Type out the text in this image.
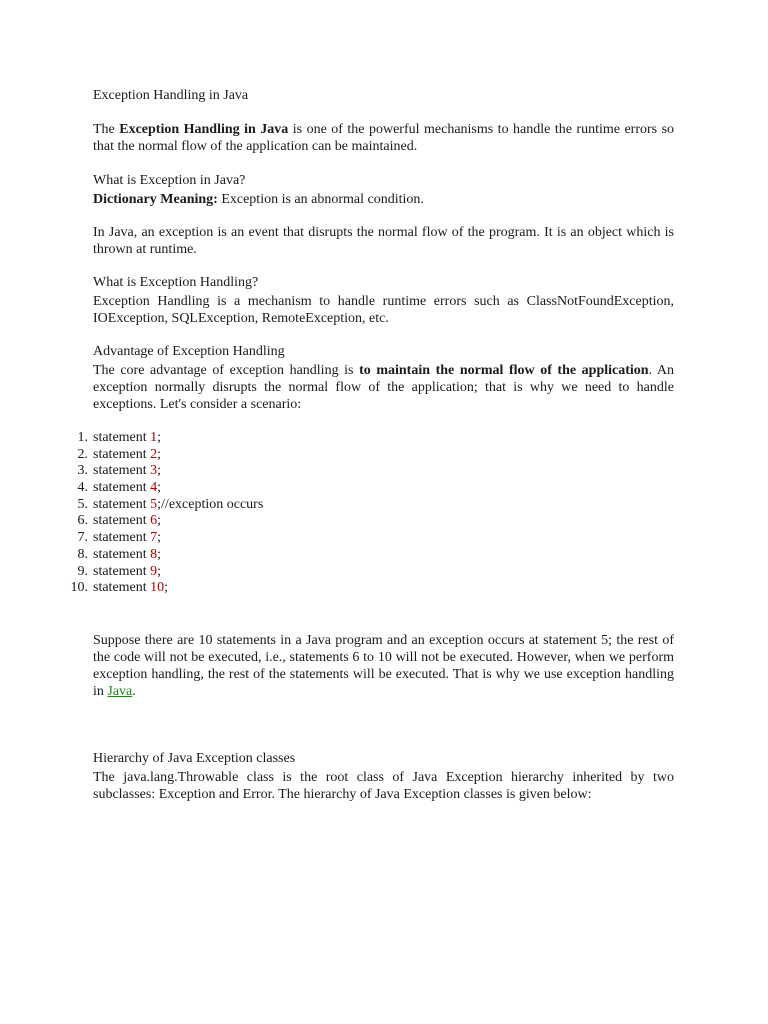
Exception Handling in Java

The Exception Handling in Java is one of the powerful mechanisms to handle the runtime errors so that the normal flow of the application can be maintained.

What is Exception in Java?

Dictionary Meaning: Exception is an abnormal condition.

In Java, an exception is an event that disrupts the normal flow of the program. It is an object which is thrown at runtime.

What is Exception Handling?

Exception Handling is a mechanism to handle runtime errors such as ClassNotFoundException, IOException, SQLException, RemoteException, etc.

Advantage of Exception Handling

The core advantage of exception handling is to maintain the normal flow of the application. An exception normally disrupts the normal flow of the application; that is why we need to handle exceptions. Let's consider a scenario:

1. statement 1;
2. statement 2;
3. statement 3;
4. statement 4;
5. statement 5;//exception occurs
6. statement 6;
7. statement 7;
8. statement 8;
9. statement 9;
10. statement 10;

Suppose there are 10 statements in a Java program and an exception occurs at statement 5; the rest of the code will not be executed, i.e., statements 6 to 10 will not be executed. However, when we perform exception handling, the rest of the statements will be executed. That is why we use exception handling in Java.

Hierarchy of Java Exception classes

The java.lang.Throwable class is the root class of Java Exception hierarchy inherited by two subclasses: Exception and Error. The hierarchy of Java Exception classes is given below:
